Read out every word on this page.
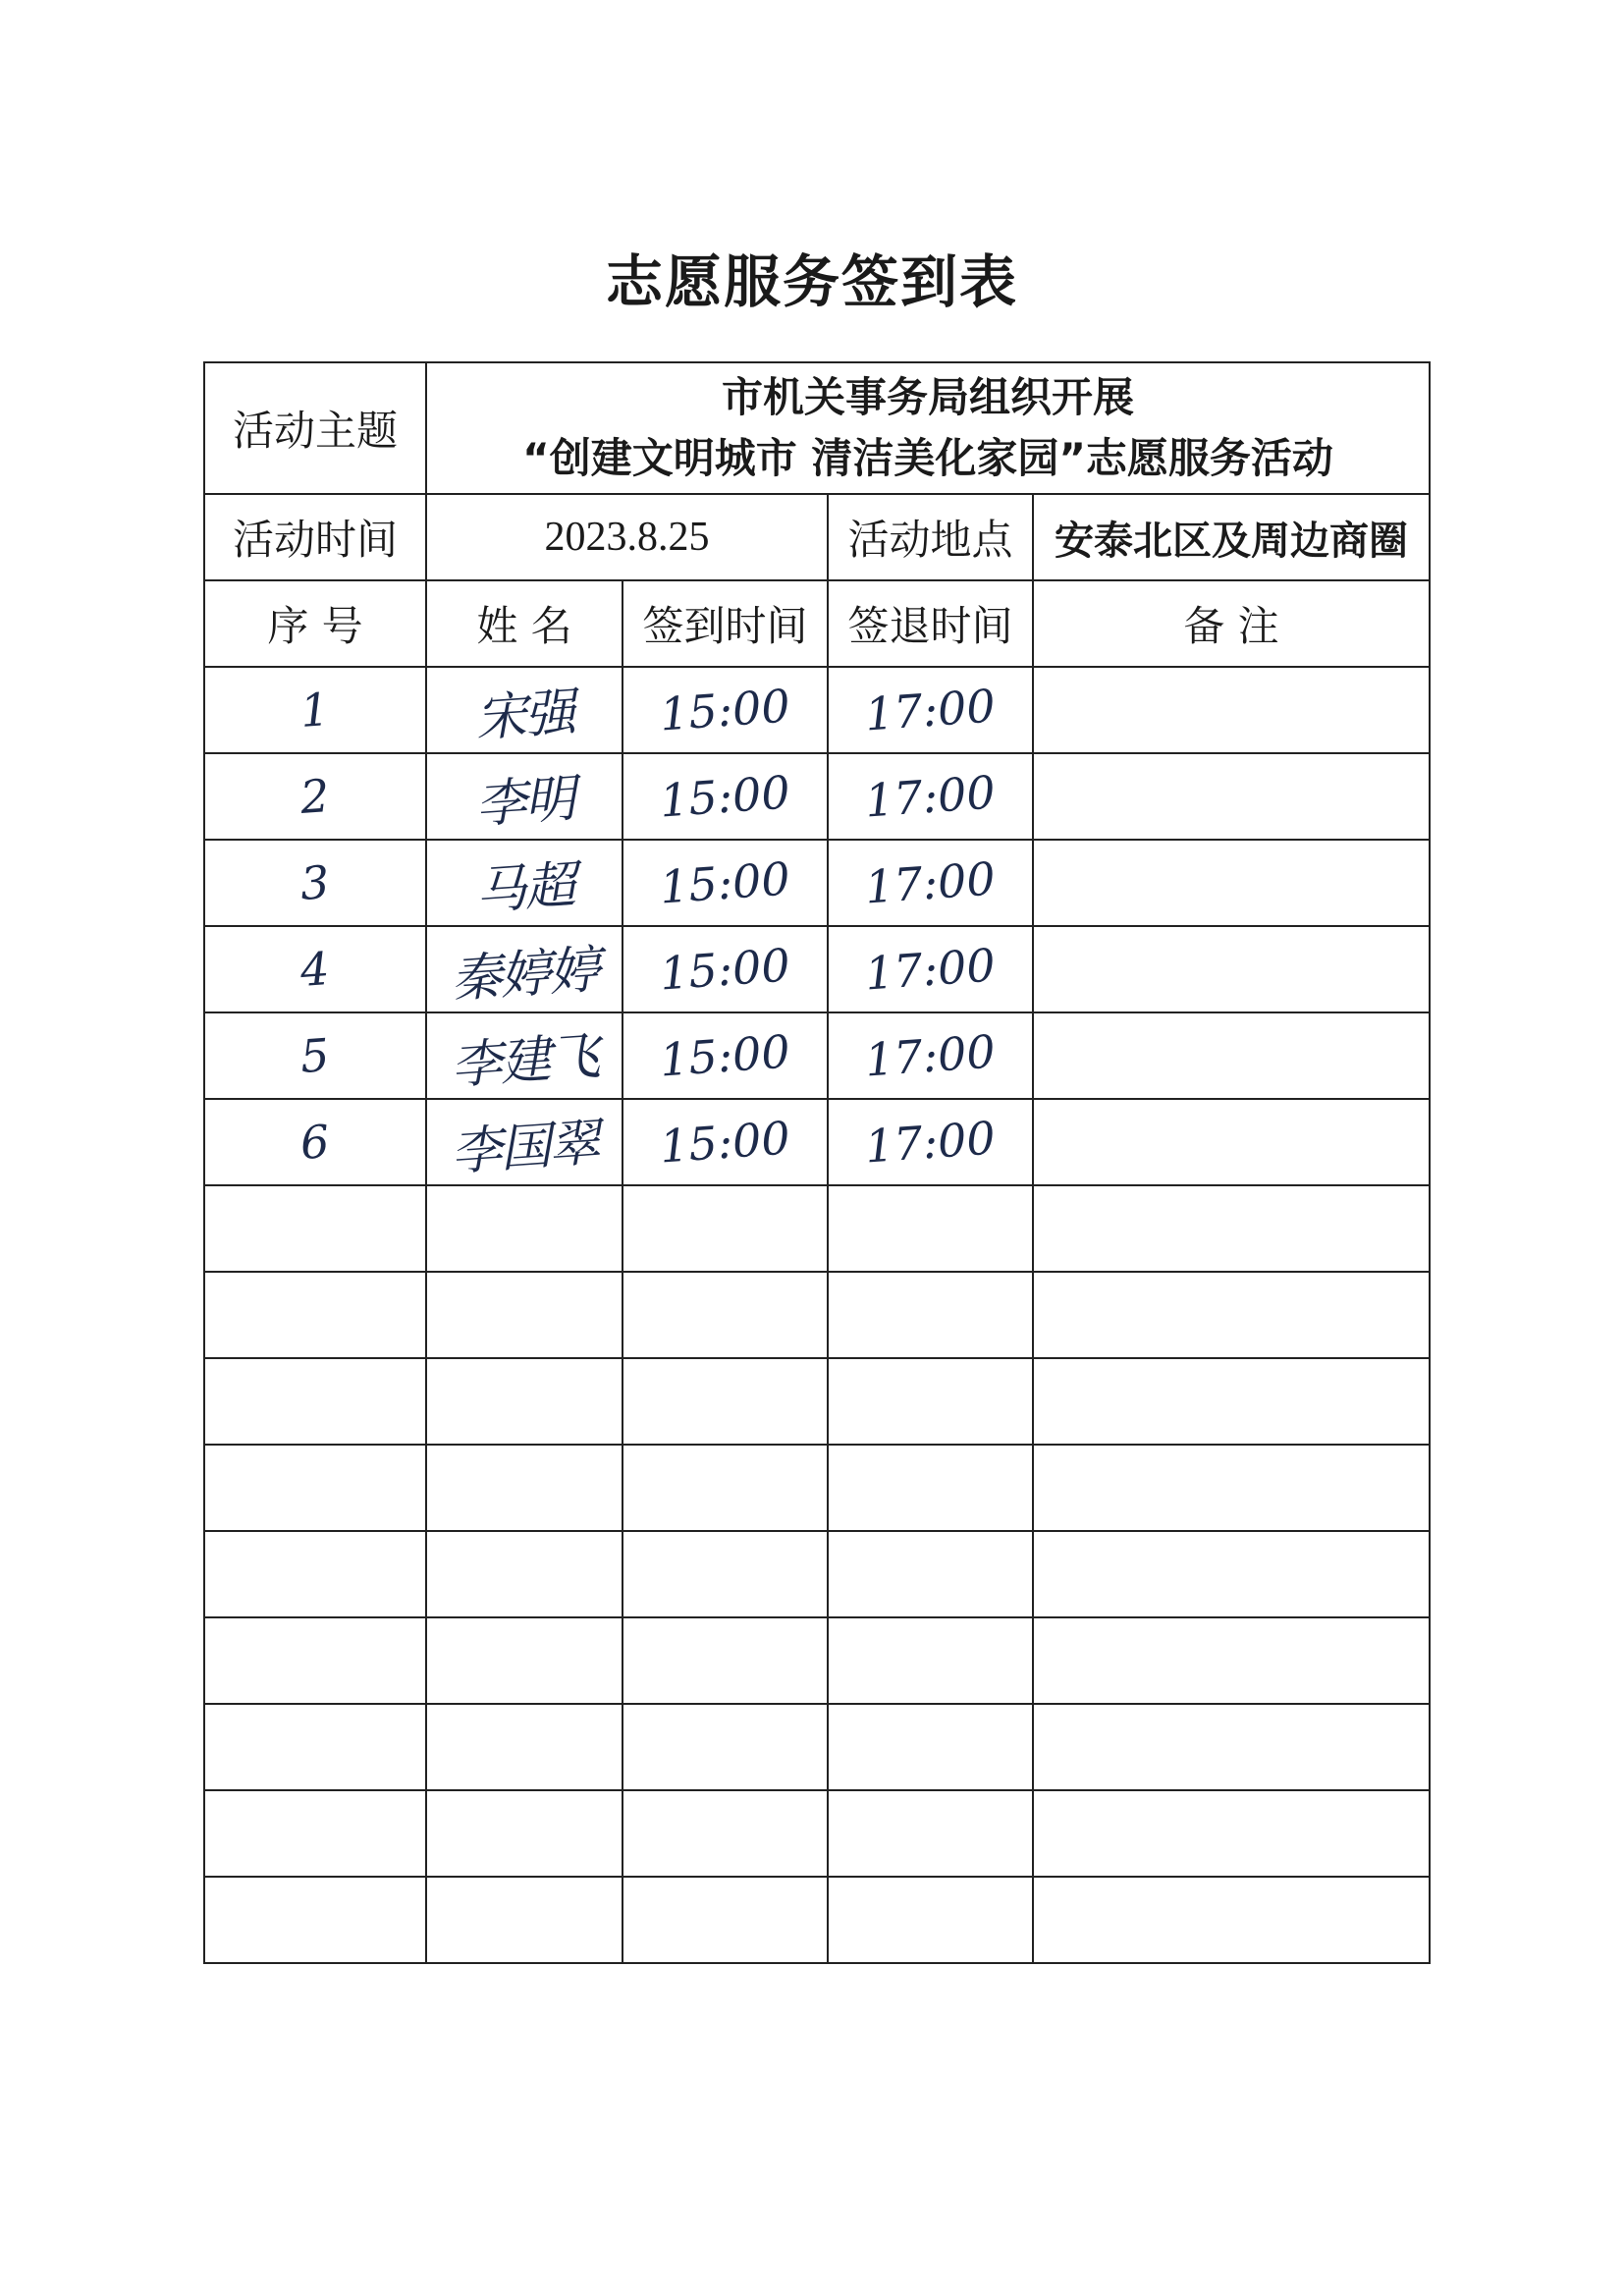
志愿服务签到表
活动主题	市机关事务局组织开展
“创建文明城市 清洁美化家园”志愿服务活动			

活动时间	2023.8.25		活动地点	安泰北区及周边商圈
序 号	姓 名	签到时间	签退时间	备 注
1	宋强	15:00	17:00	
2	李明	15:00	17:00	
3	马超	15:00	17:00	
4	秦婷婷	15:00	17:00	
5	李建飞	15:00	17:00	
6	李国翠	15:00	17:00	
